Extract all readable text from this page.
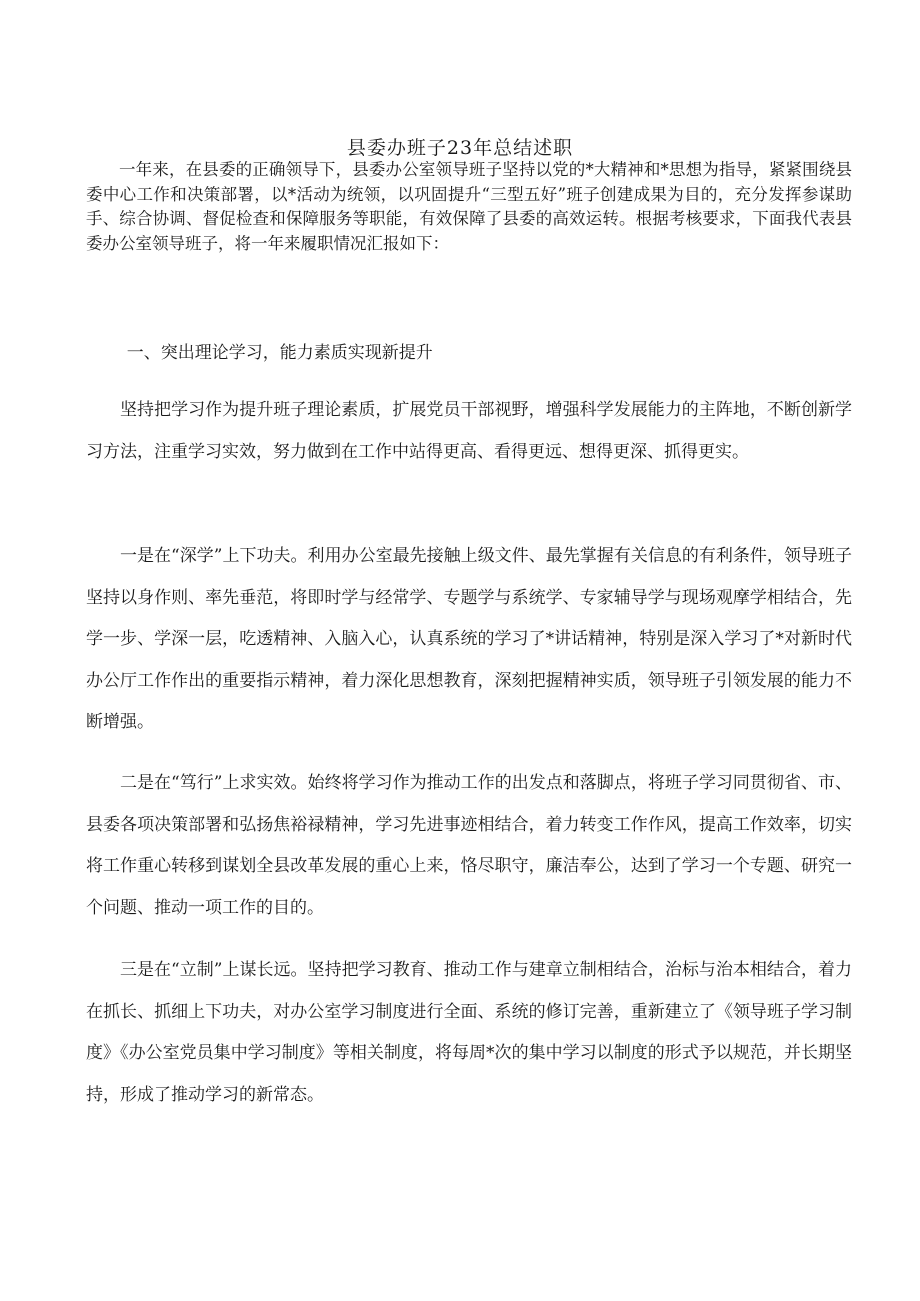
县委办班子23年总结述职

一年来，在县委的正确领导下，县委办公室领导班子坚持以党的*大精神和*思想为指导，紧紧围绕县委中心工作和决策部署，以*活动为统领，以巩固提升“三型五好”班子创建成果为目的，充分发挥参谋助手、综合协调、督促检查和保障服务等职能，有效保障了县委的高效运转。根据考核要求，下面我代表县委办公室领导班子，将一年来履职情况汇报如下：

一、突出理论学习，能力素质实现新提升

坚持把学习作为提升班子理论素质，扩展党员干部视野，增强科学发展能力的主阵地，不断创新学习方法，注重学习实效，努力做到在工作中站得更高、看得更远、想得更深、抓得更实。

一是在“深学”上下功夫。利用办公室最先接触上级文件、最先掌握有关信息的有利条件，领导班子坚持以身作则、率先垂范，将即时学与经常学、专题学与系统学、专家辅导学与现场观摩学相结合，先学一步、学深一层，吃透精神、入脑入心，认真系统的学习了*讲话精神，特别是深入学习了*对新时代办公厅工作作出的重要指示精神，着力深化思想教育，深刻把握精神实质，领导班子引领发展的能力不断增强。

二是在“笃行”上求实效。始终将学习作为推动工作的出发点和落脚点，将班子学习同贯彻省、市、县委各项决策部署和弘扬焦裕禄精神，学习先进事迹相结合，着力转变工作作风，提高工作效率，切实将工作重心转移到谋划全县改革发展的重心上来，恪尽职守，廉洁奉公，达到了学习一个专题、研究一个问题、推动一项工作的目的。

三是在“立制”上谋长远。坚持把学习教育、推动工作与建章立制相结合，治标与治本相结合，着力在抓长、抓细上下功夫，对办公室学习制度进行全面、系统的修订完善，重新建立了《领导班子学习制度》《办公室党员集中学习制度》等相关制度，将每周*次的集中学习以制度的形式予以规范，并长期坚持，形成了推动学习的新常态。
